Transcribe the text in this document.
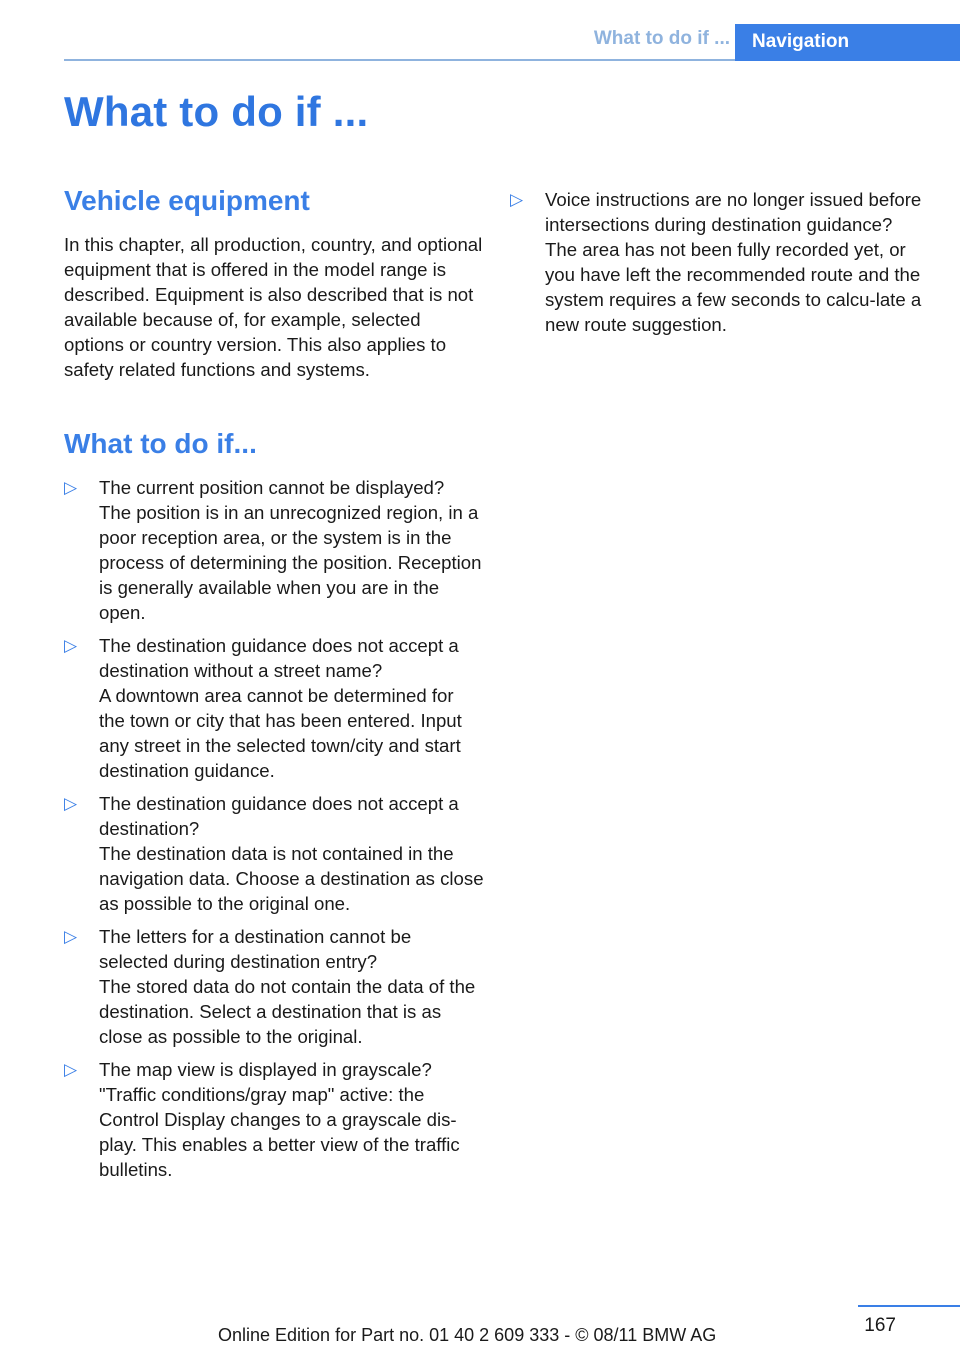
What to do if ...	Navigation
What to do if ...
Vehicle equipment

In this chapter, all production, country, and optional equipment that is offered in the model range is described. Equipment is also described that is not available because of, for example, selected options or country version. This also applies to safety related functions and systems.

What to do if...
▷	The current position cannot be displayed?
The position is in an unrecognized region, in a poor reception area, or the system is in the process of determining the position. Reception is generally available when you are in the open.
▷	The destination guidance does not accept a destination without a street name?
A downtown area cannot be determined for the town or city that has been entered. Input any street in the selected town/city and start destination guidance.
▷	The destination guidance does not accept a destination?
The destination data is not contained in the navigation data. Choose a destination as close as possible to the original one.
▷	The letters for a destination cannot be selected during destination entry?
The stored data do not contain the data of the destination. Select a destination that is as close as possible to the original.
▷	The map view is displayed in grayscale?
"Traffic conditions/gray map" active: the Control Display changes to a grayscale dis-play. This enables a better view of the traffic bulletins.
▷	Voice instructions are no longer issued before intersections during destination guidance?
The area has not been fully recorded yet, or you have left the recommended route and the system requires a few seconds to calcu-late a new route suggestion.
167
Online Edition for Part no. 01 40 2 609 333 - © 08/11 BMW AG
